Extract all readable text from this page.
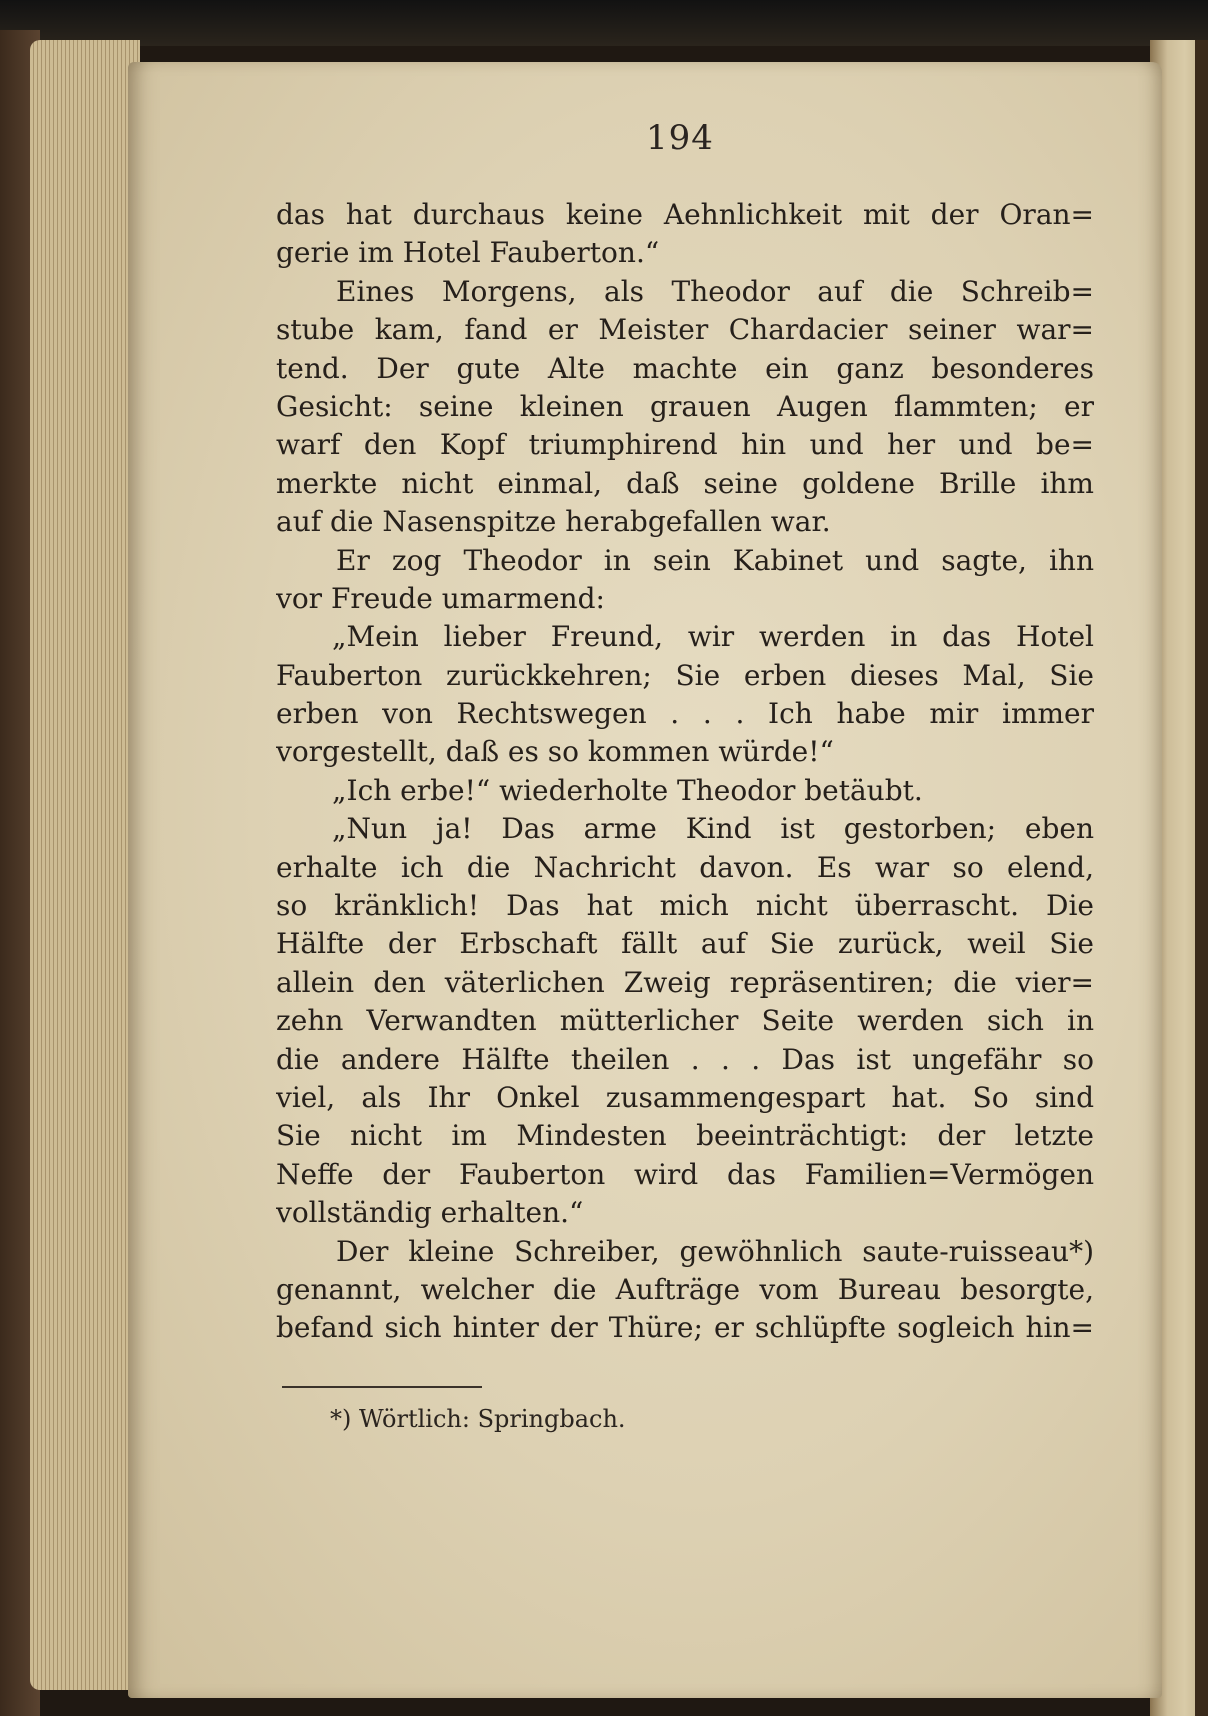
194
das hat durchaus keine Aehnlichkeit mit der Oran=
gerie im Hotel Fauberton.“
Eines Morgens, als Theodor auf die Schreib=
stube kam, fand er Meister Chardacier seiner war=
tend. Der gute Alte machte ein ganz besonderes
Gesicht: seine kleinen grauen Augen flammten; er
warf den Kopf triumphirend hin und her und be=
merkte nicht einmal, daß seine goldene Brille ihm
auf die Nasenspitze herabgefallen war.
Er zog Theodor in sein Kabinet und sagte, ihn
vor Freude umarmend:
„Mein lieber Freund, wir werden in das Hotel
Fauberton zurückkehren; Sie erben dieses Mal, Sie
erben von Rechtswegen . . . Ich habe mir immer
vorgestellt, daß es so kommen würde!“
„Ich erbe!“ wiederholte Theodor betäubt.
„Nun ja! Das arme Kind ist gestorben; eben
erhalte ich die Nachricht davon. Es war so elend,
so kränklich! Das hat mich nicht überrascht. Die
Hälfte der Erbschaft fällt auf Sie zurück, weil Sie
allein den väterlichen Zweig repräsentiren; die vier=
zehn Verwandten mütterlicher Seite werden sich in
die andere Hälfte theilen . . . Das ist ungefähr so
viel, als Ihr Onkel zusammengespart hat. So sind
Sie nicht im Mindesten beeinträchtigt: der letzte
Neffe der Fauberton wird das Familien=Vermögen
vollständig erhalten.“
Der kleine Schreiber, gewöhnlich saute-ruisseau*)
genannt, welcher die Aufträge vom Bureau besorgte,
befand sich hinter der Thüre; er schlüpfte sogleich hin=
*) Wörtlich: Springbach.
